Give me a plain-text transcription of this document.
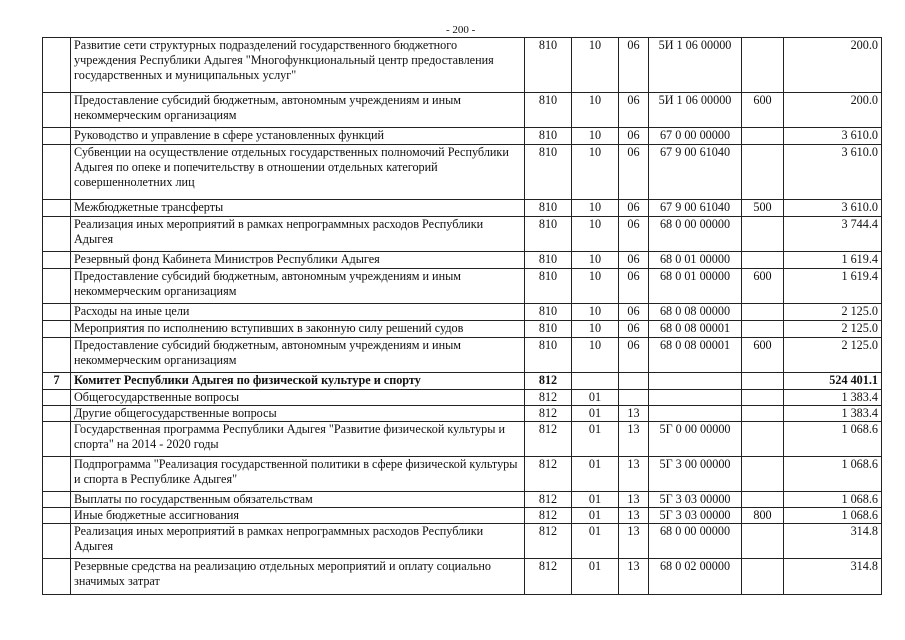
- 200 -
	Развитие сети структурных подразделений государственного бюджетного учреждения Республики Адыгея "Многофункциональный центр предоставления государственных и муниципальных услуг"	810	10	06	5И 1 06 00000		200.0
	Предоставление субсидий бюджетным, автономным учреждениям и иным некоммерческим организациям	810	10	06	5И 1 06 00000	600	200.0
	Руководство и управление в сфере установленных функций	810	10	06	67 0 00 00000		3 610.0
	Субвенции на осуществление отдельных государственных полномочий Республики Адыгея по опеке и попечительству в отношении отдельных категорий совершеннолетних лиц	810	10	06	67 9 00 61040		3 610.0
	Межбюджетные трансферты	810	10	06	67 9 00 61040	500	3 610.0
	Реализация иных мероприятий в рамках непрограммных расходов Республики Адыгея	810	10	06	68 0 00 00000		3 744.4
	Резервный фонд Кабинета Министров Республики Адыгея	810	10	06	68 0 01 00000		1 619.4
	Предоставление субсидий бюджетным, автономным учреждениям и иным некоммерческим организациям	810	10	06	68 0 01 00000	600	1 619.4
	Расходы на иные цели	810	10	06	68 0 08 00000		2 125.0
	Мероприятия по исполнению вступивших в законную силу решений судов	810	10	06	68 0 08 00001		2 125.0
	Предоставление субсидий бюджетным, автономным учреждениям и иным некоммерческим организациям	810	10	06	68 0 08 00001	600	2 125.0
7	Комитет Республики Адыгея по физической культуре и спорту	812					524 401.1
	Общегосударственные вопросы	812	01				1 383.4
	Другие общегосударственные вопросы	812	01	13			1 383.4
	Государственная программа Республики Адыгея "Развитие физической культуры и спорта" на 2014 - 2020 годы	812	01	13	5Г 0 00 00000		1 068.6
	Подпрограмма "Реализация государственной политики в сфере физической культуры и спорта в Республике Адыгея"	812	01	13	5Г 3 00 00000		1 068.6
	Выплаты по государственным обязательствам	812	01	13	5Г 3 03 00000		1 068.6
	Иные бюджетные ассигнования	812	01	13	5Г 3 03 00000	800	1 068.6
	Реализация иных мероприятий в рамках непрограммных расходов Республики Адыгея	812	01	13	68 0 00 00000		314.8
	Резервные средства на реализацию отдельных мероприятий и оплату социально значимых затрат	812	01	13	68 0 02 00000		314.8
